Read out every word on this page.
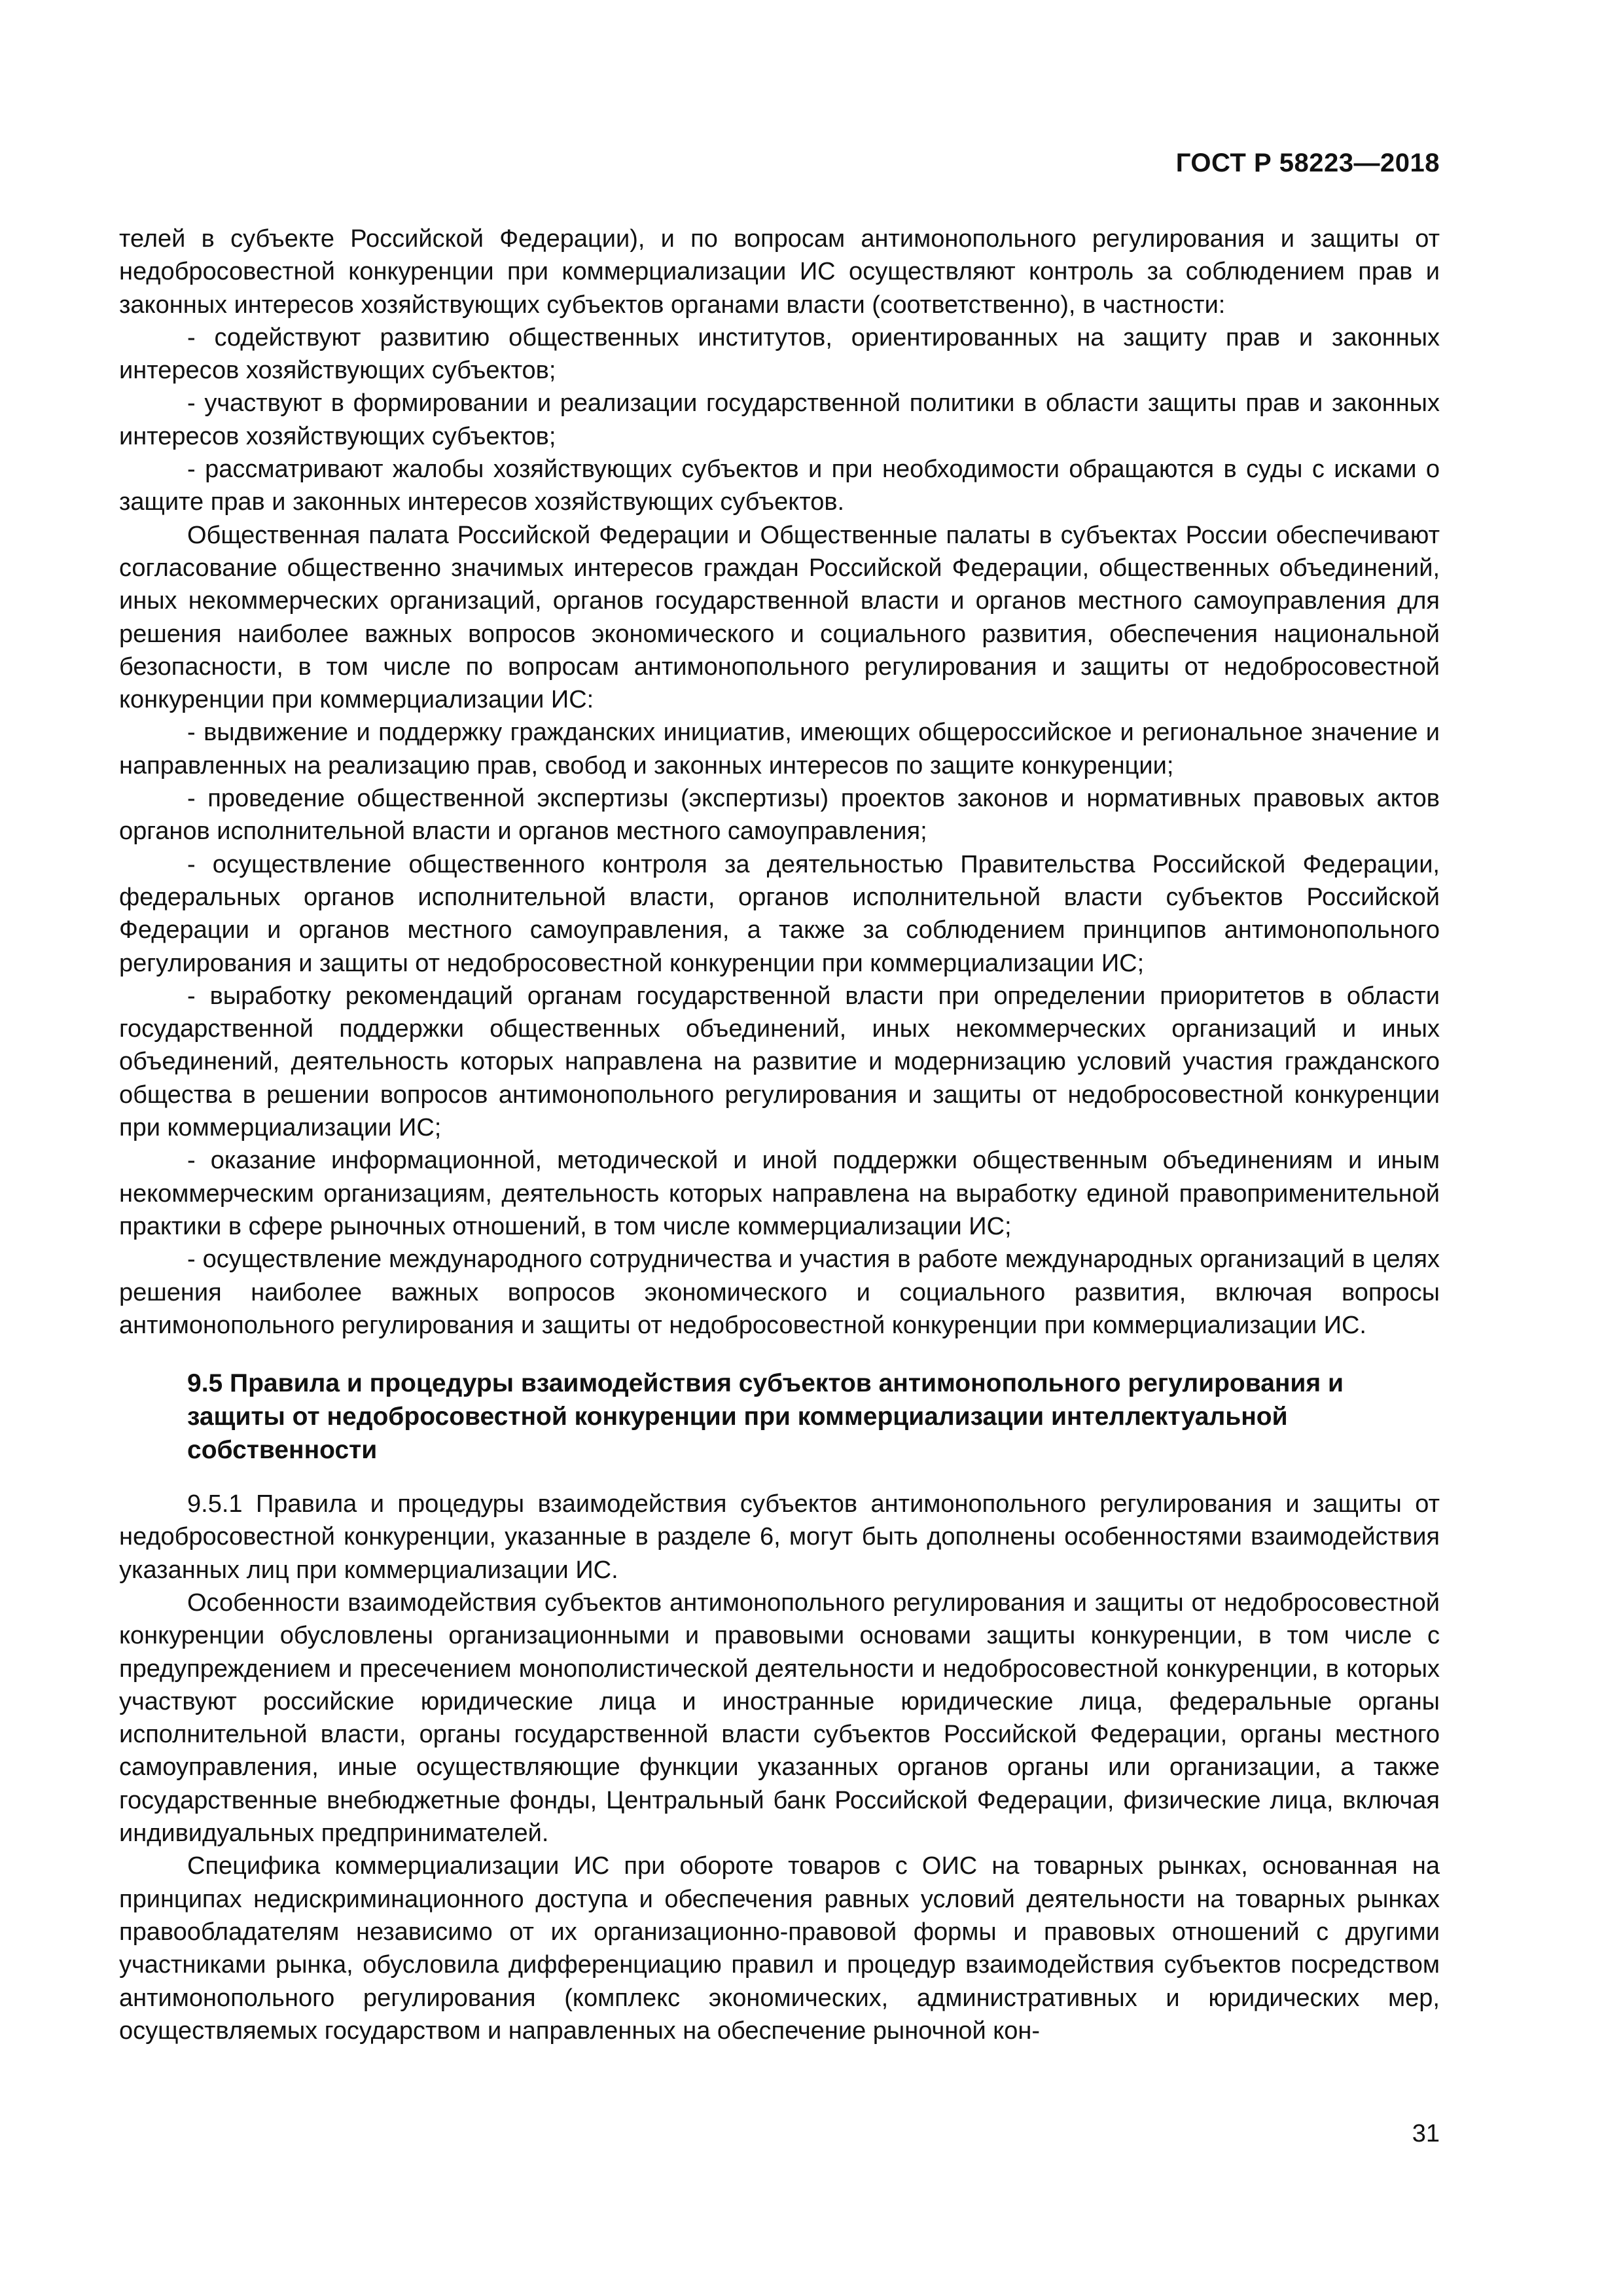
ГОСТ Р 58223—2018

телей в субъекте Российской Федерации), и по вопросам антимонопольного регулирования и защиты от недобросовестной конкуренции при коммерциализации ИС осуществляют контроль за соблюдением прав и законных интересов хозяйствующих субъектов органами власти (соответственно), в частности:

- содействуют развитию общественных институтов, ориентированных на защиту прав и законных интересов хозяйствующих субъектов;

- участвуют в формировании и реализации государственной политики в области защиты прав и законных интересов хозяйствующих субъектов;

- рассматривают жалобы хозяйствующих субъектов и при необходимости обращаются в суды с исками о защите прав и законных интересов хозяйствующих субъектов.

Общественная палата Российской Федерации и Общественные палаты в субъектах России обеспечивают согласование общественно значимых интересов граждан Российской Федерации, общественных объединений, иных некоммерческих организаций, органов государственной власти и органов местного самоуправления для решения наиболее важных вопросов экономического и социального развития, обеспечения национальной безопасности, в том числе по вопросам антимонопольного регулирования и защиты от недобросовестной конкуренции при коммерциализации ИС:

- выдвижение и поддержку гражданских инициатив, имеющих общероссийское и региональное значение и направленных на реализацию прав, свобод и законных интересов по защите конкуренции;

- проведение общественной экспертизы (экспертизы) проектов законов и нормативных правовых актов органов исполнительной власти и органов местного самоуправления;

- осуществление общественного контроля за деятельностью Правительства Российской Федерации, федеральных органов исполнительной власти, органов исполнительной власти субъектов Российской Федерации и органов местного самоуправления, а также за соблюдением принципов антимонопольного регулирования и защиты от недобросовестной конкуренции при коммерциализации ИС;

- выработку рекомендаций органам государственной власти при определении приоритетов в области государственной поддержки общественных объединений, иных некоммерческих организаций и иных объединений, деятельность которых направлена на развитие и модернизацию условий участия гражданского общества в решении вопросов антимонопольного регулирования и защиты от недобросовестной конкуренции при коммерциализации ИС;

- оказание информационной, методической и иной поддержки общественным объединениям и иным некоммерческим организациям, деятельность которых направлена на выработку единой правоприменительной практики в сфере рыночных отношений, в том числе коммерциализации ИС;

- осуществление международного сотрудничества и участия в работе международных организаций в целях решения наиболее важных вопросов экономического и социального развития, включая вопросы антимонопольного регулирования и защиты от недобросовестной конкуренции при коммерциализации ИС.

9.5 Правила и процедуры взаимодействия субъектов антимонопольного регулирования и защиты от недобросовестной конкуренции при коммерциализации интеллектуальной собственности

9.5.1 Правила и процедуры взаимодействия субъектов антимонопольного регулирования и защиты от недобросовестной конкуренции, указанные в разделе 6, могут быть дополнены особенностями взаимодействия указанных лиц при коммерциализации ИС.

Особенности взаимодействия субъектов антимонопольного регулирования и защиты от недобросовестной конкуренции обусловлены организационными и правовыми основами защиты конкуренции, в том числе с предупреждением и пресечением монополистической деятельности и недобросовестной конкуренции, в которых участвуют российские юридические лица и иностранные юридические лица, федеральные органы исполнительной власти, органы государственной власти субъектов Российской Федерации, органы местного самоуправления, иные осуществляющие функции указанных органов органы или организации, а также государственные внебюджетные фонды, Центральный банк Российской Федерации, физические лица, включая индивидуальных предпринимателей.

Специфика коммерциализации ИС при обороте товаров с ОИС на товарных рынках, основанная на принципах недискриминационного доступа и обеспечения равных условий деятельности на товарных рынках правообладателям независимо от их организационно-правовой формы и правовых отношений с другими участниками рынка, обусловила дифференциацию правил и процедур взаимодействия субъектов посредством антимонопольного регулирования (комплекс экономических, административных и юридических мер, осуществляемых государством и направленных на обеспечение рыночной кон-

31
